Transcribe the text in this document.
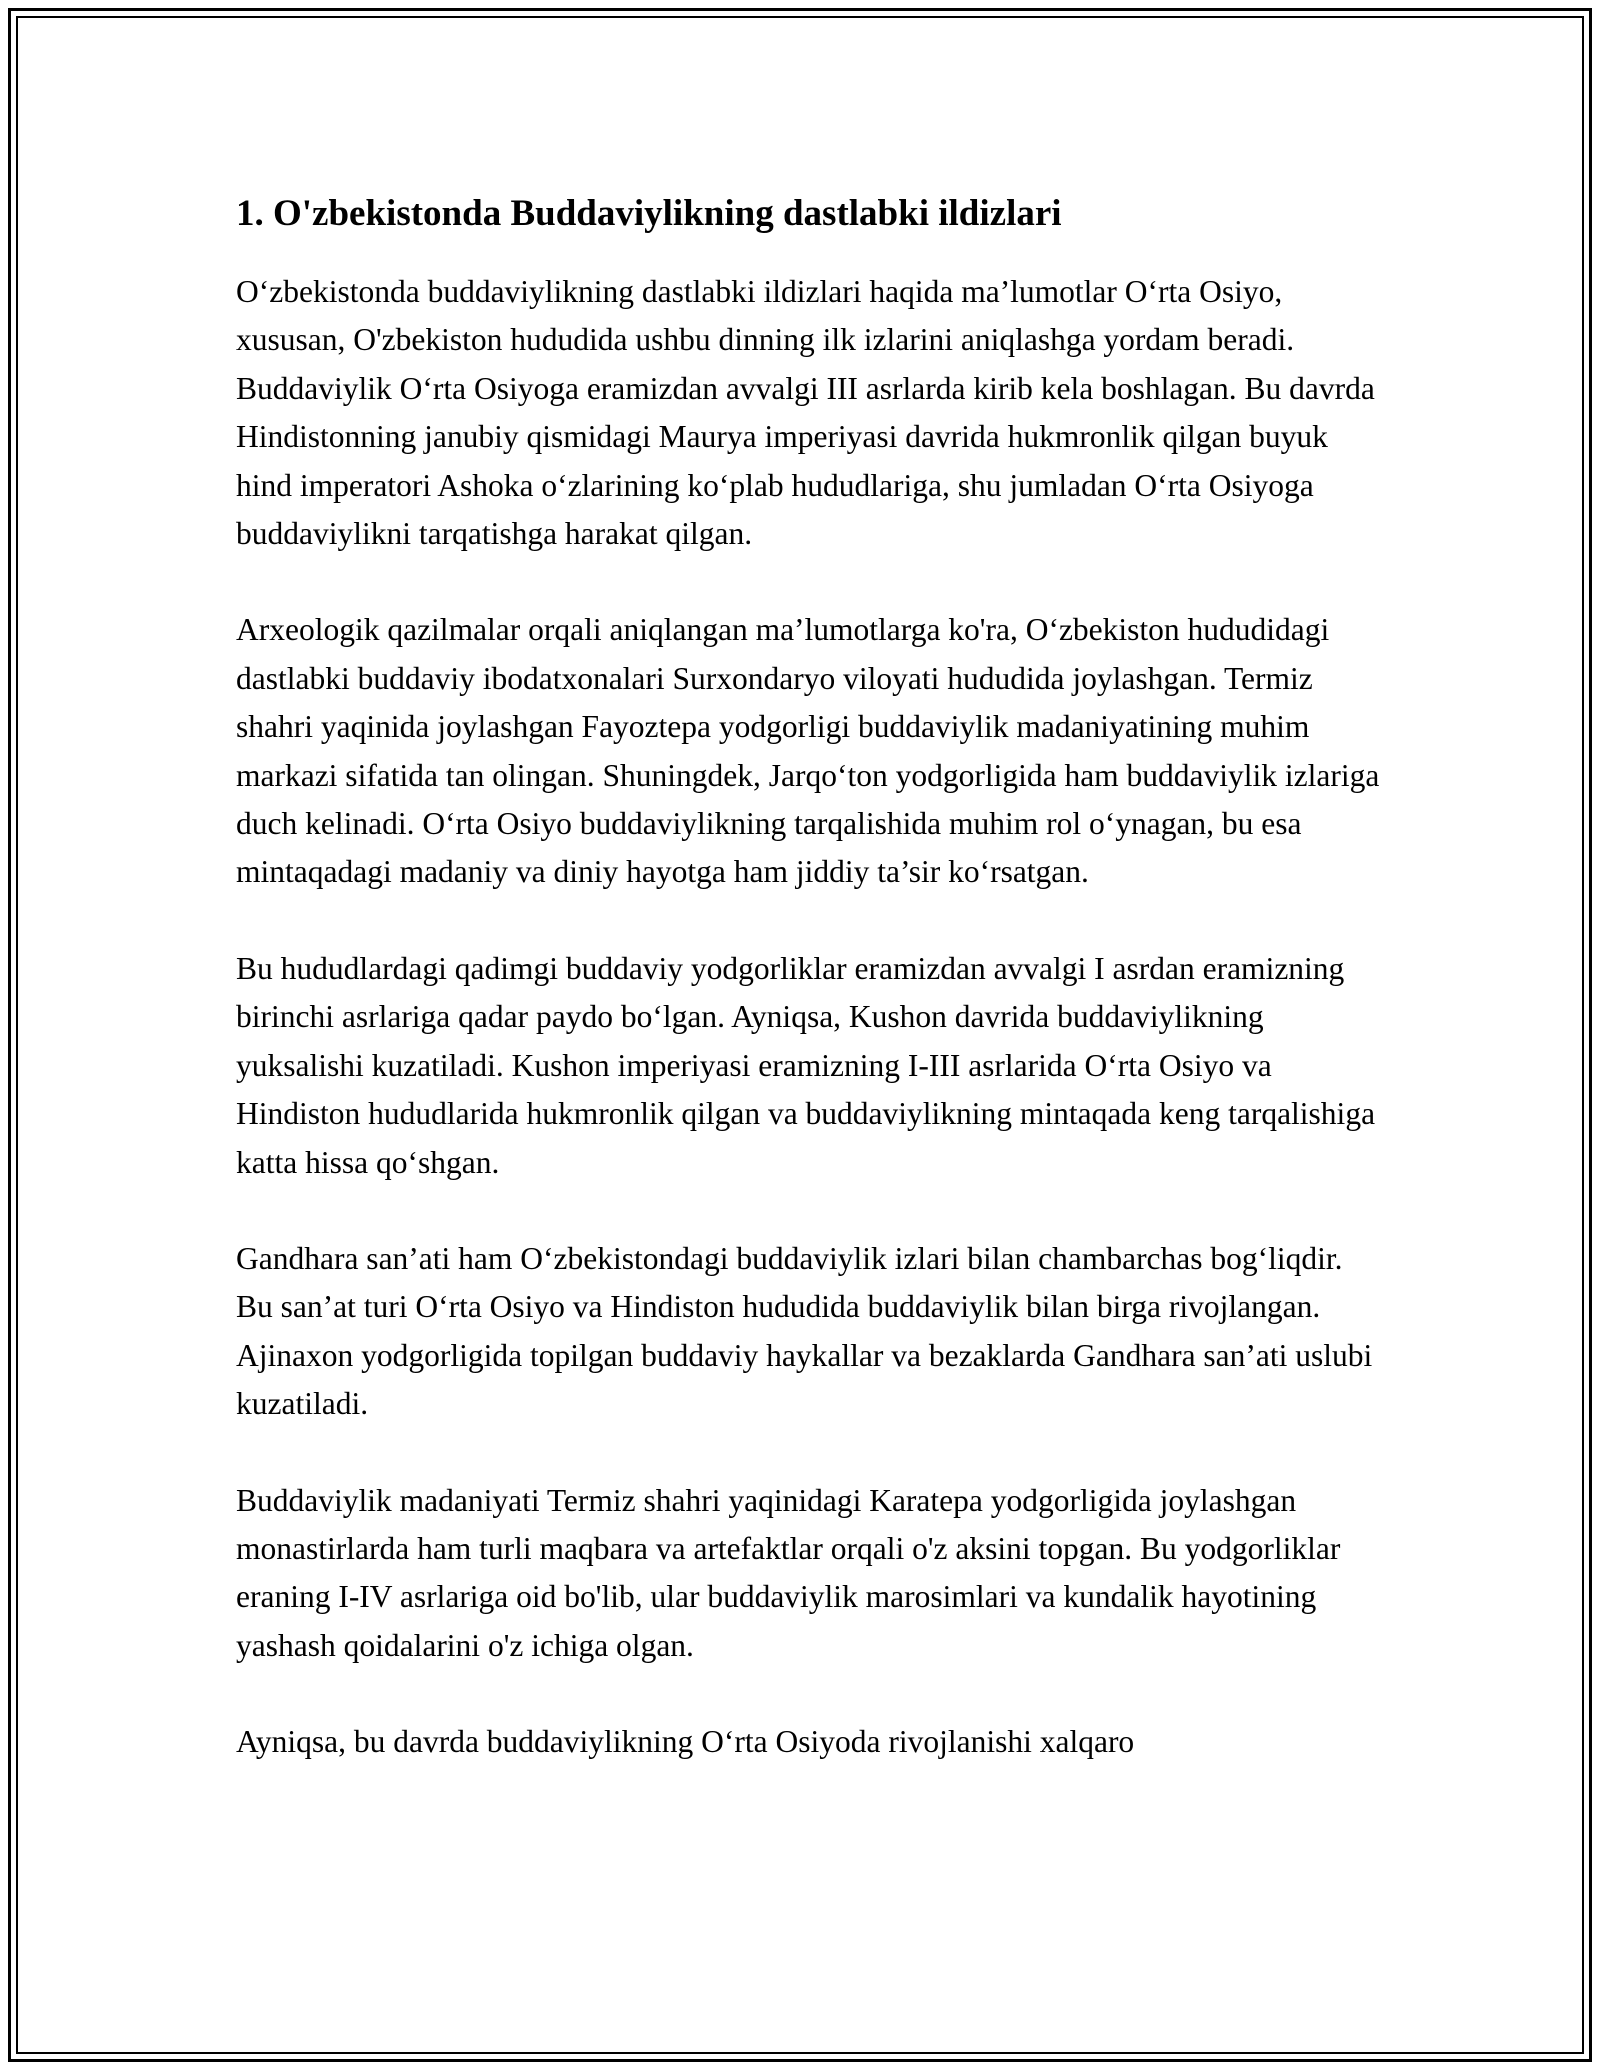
1. O'zbekistonda Buddaviylikning dastlabki ildizlari

O‘zbekistonda buddaviylikning dastlabki ildizlari haqida ma’lumotlar O‘rta Osiyo, xususan, O'zbekiston hududida ushbu dinning ilk izlarini aniqlashga yordam beradi. Buddaviylik O‘rta Osiyoga eramizdan avvalgi III asrlarda kirib kela boshlagan. Bu davrda Hindistonning janubiy qismidagi Maurya imperiyasi davrida hukmronlik qilgan buyuk hind imperatori Ashoka o‘zlarining ko‘plab hududlariga, shu jumladan O‘rta Osiyoga buddaviylikni tarqatishga harakat qilgan.

Arxeologik qazilmalar orqali aniqlangan ma’lumotlarga ko'ra, O‘zbekiston hududidagi dastlabki buddaviy ibodatxonalari Surxondaryo viloyati hududida joylashgan. Termiz shahri yaqinida joylashgan Fayoztepa yodgorligi buddaviylik madaniyatining muhim markazi sifatida tan olingan. Shuningdek, Jarqo‘ton yodgorligida ham buddaviylik izlariga duch kelinadi. O‘rta Osiyo buddaviylikning tarqalishida muhim rol o‘ynagan, bu esa mintaqadagi madaniy va diniy hayotga ham jiddiy ta’sir ko‘rsatgan.

Bu hududlardagi qadimgi buddaviy yodgorliklar eramizdan avvalgi I asrdan eramizning birinchi asrlariga qadar paydo bo‘lgan. Ayniqsa, Kushon davrida buddaviylikning yuksalishi kuzatiladi. Kushon imperiyasi eramizning I-III asrlarida O‘rta Osiyo va Hindiston hududlarida hukmronlik qilgan va buddaviylikning mintaqada keng tarqalishiga katta hissa qo‘shgan.

Gandhara san’ati ham O‘zbekistondagi buddaviylik izlari bilan chambarchas bog‘liqdir. Bu san’at turi O‘rta Osiyo va Hindiston hududida buddaviylik bilan birga rivojlangan. Ajinaxon yodgorligida topilgan buddaviy haykallar va bezaklarda Gandhara san’ati uslubi kuzatiladi.

Buddaviylik madaniyati Termiz shahri yaqinidagi Karatepa yodgorligida joylashgan monastirlarda ham turli maqbara va artefaktlar orqali o'z aksini topgan. Bu yodgorliklar eraning I-IV asrlariga oid bo'lib, ular buddaviylik marosimlari va kundalik hayotining yashash qoidalarini o'z ichiga olgan.

Ayniqsa, bu davrda buddaviylikning O‘rta Osiyoda rivojlanishi xalqaro
